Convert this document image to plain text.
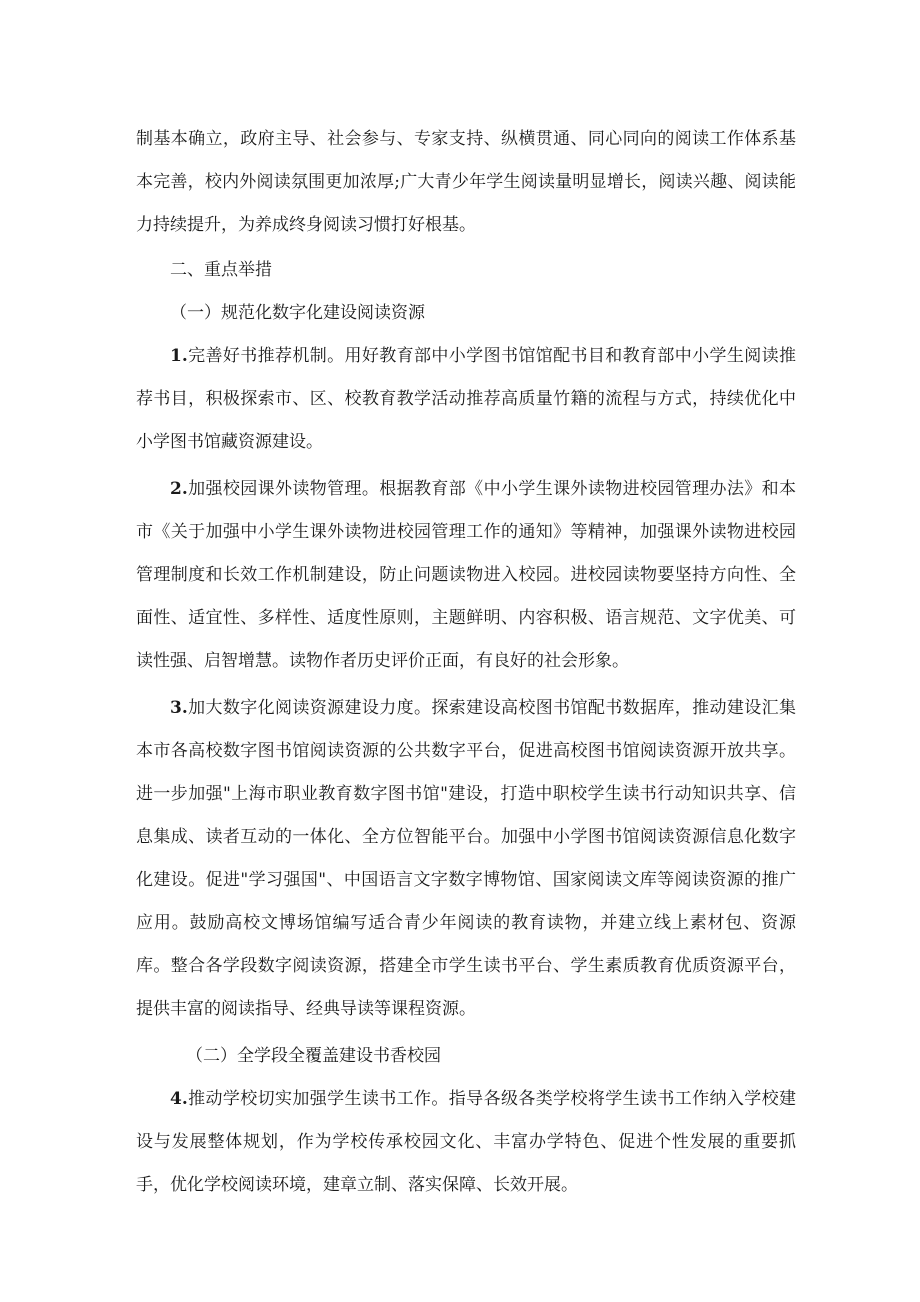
制基本确立，政府主导、社会参与、专家支持、纵横贯通、同心同向的阅读工作体系基本完善，校内外阅读氛围更加浓厚;广大青少年学生阅读量明显增长，阅读兴趣、阅读能力持续提升，为养成终身阅读习惯打好根基。

二、重点举措

（一）规范化数字化建设阅读资源

1.完善好书推荐机制。用好教育部中小学图书馆馆配书目和教育部中小学生阅读推荐书目，积极探索市、区、校教育教学活动推荐高质量竹籍的流程与方式，持续优化中小学图书馆藏资源建设。

2.加强校园课外读物管理。根据教育部《中小学生课外读物进校园管理办法》和本市《关于加强中小学生课外读物进校园管理工作的通知》等精神，加强课外读物进校园管理制度和长效工作机制建设，防止问题读物进入校园。进校园读物要坚持方向性、全面性、适宜性、多样性、适度性原则，主题鲜明、内容积极、语言规范、文字优美、可读性强、启智增慧。读物作者历史评价正面，有良好的社会形象。

3.加大数字化阅读资源建设力度。探索建设高校图书馆配书数据库，推动建设汇集本市各高校数字图书馆阅读资源的公共数字平台，促进高校图书馆阅读资源开放共享。进一步加强"上海市职业教育数字图书馆"建设，打造中职校学生读书行动知识共享、信息集成、读者互动的一体化、全方位智能平台。加强中小学图书馆阅读资源信息化数字化建设。促进"学习强国"、中国语言文字数字博物馆、国家阅读文库等阅读资源的推广应用。鼓励高校文博场馆编写适合青少年阅读的教育读物，并建立线上素材包、资源库。整合各学段数字阅读资源，搭建全市学生读书平台、学生素质教育优质资源平台，提供丰富的阅读指导、经典导读等课程资源。

（二）全学段全覆盖建设书香校园

4.推动学校切实加强学生读书工作。指导各级各类学校将学生读书工作纳入学校建设与发展整体规划，作为学校传承校园文化、丰富办学特色、促进个性发展的重要抓手，优化学校阅读环境，建章立制、落实保障、长效开展。
